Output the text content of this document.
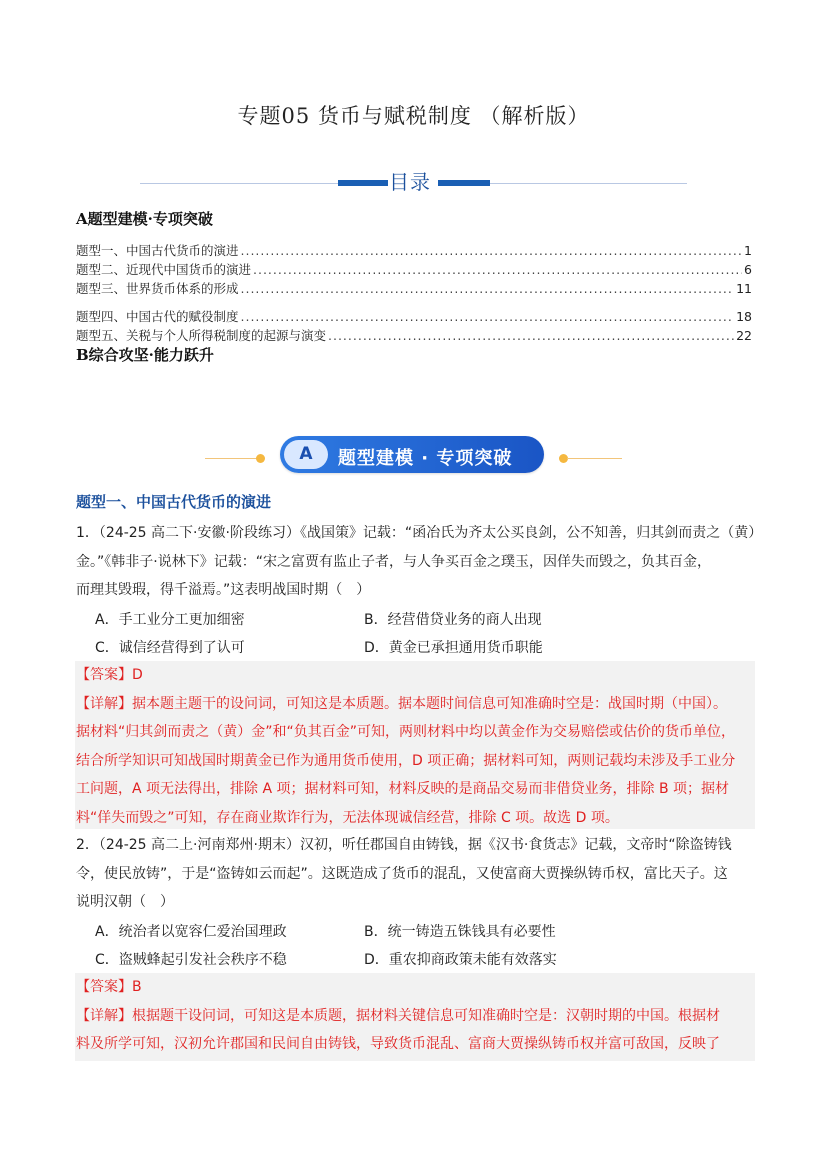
专题05 货币与赋税制度 （解析版）
目录
A题型建模·专项突破
题型一、中国古代货币的演进 .....	1
题型二、近现代中国货币的演进 .....	6
题型三、世界货币体系的形成 .....	11
题型四、中国古代的赋役制度 .....	18
题型五、关税与个人所得税制度的起源与演变 .....	22
B综合攻坚·能力跃升
A	题型建模 · 专项突破
题型一、中国古代货币的演进
1．（24-25 高二下·安徽·阶段练习）《战国策》记载：“函冶氏为齐太公买良剑，公不知善，归其剑而责之（黄）
金。”《韩非子·说林下》记载：“宋之富贾有监止子者，与人争买百金之璞玉，因佯失而毁之，负其百金，
而理其毁瑕，得千溢焉。”这表明战国时期（　）
A．手工业分工更加细密	B．经营借贷业务的商人出现
C．诚信经营得到了认可	D．黄金已承担通用货币职能
【答案】D
【详解】据本题主题干的设问词，可知这是本质题。据本题时间信息可知准确时空是：战国时期（中国）。
据材料“归其剑而责之（黄）金”和“负其百金”可知，两则材料中均以黄金作为交易赔偿或估价的货币单位，
结合所学知识可知战国时期黄金已作为通用货币使用，D 项正确；据材料可知，两则记载均未涉及手工业分
工问题，A 项无法得出，排除 A 项；据材料可知，材料反映的是商品交易而非借贷业务，排除 B 项；据材
料“佯失而毁之”可知，存在商业欺诈行为，无法体现诚信经营，排除 C 项。故选 D 项。
2．（24-25 高二上·河南郑州·期末）汉初，听任郡国自由铸钱，据《汉书·食货志》记载，文帝时“除盗铸钱
令，使民放铸”，于是“盗铸如云而起”。这既造成了货币的混乱，又使富商大贾操纵铸币权，富比天子。这
说明汉朝（　）
A．统治者以宽容仁爱治国理政	B．统一铸造五铢钱具有必要性
C．盗贼蜂起引发社会秩序不稳	D．重农抑商政策未能有效落实
【答案】B
【详解】根据题干设问词，可知这是本质题，据材料关键信息可知准确时空是：汉朝时期的中国。根据材
料及所学可知，汉初允许郡国和民间自由铸钱，导致货币混乱、富商大贾操纵铸币权并富可敌国，反映了
